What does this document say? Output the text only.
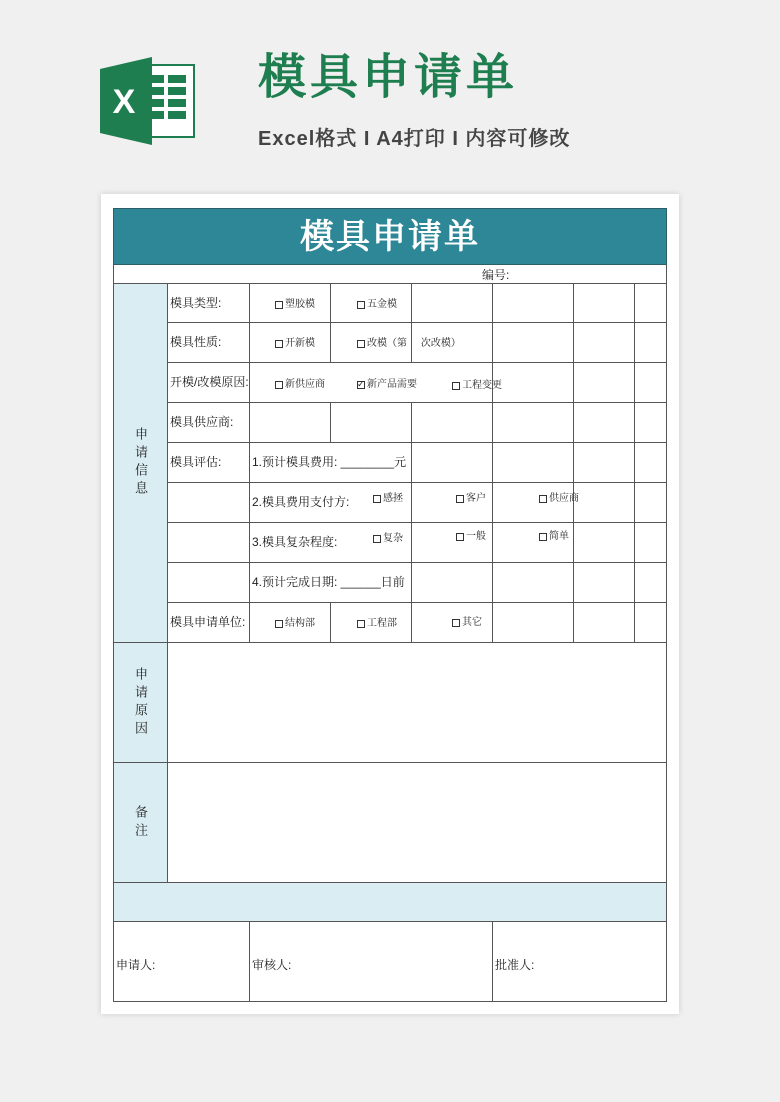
X	模具申请单
Excel格式 I A4打印 I 内容可修改
模具申请单
编号:
申请信息
申请原因
备注
模具类型:	塑胶模	五金模
模具性质:	开新模	改模（第     次改模）
开模/改模原因:	新供应商
✓	新产品需要	工程变更
模具供应商:
模具评估:	1.预计模具费用: ________元
2.模具费用支付方:	感拯	客户	供应商
3.模具复杂程度:	复杂	一般	简单
4.预计完成日期: ______日前
模具申请单位:	结构部	工程部	其它
申请人:	审核人:	批准人:
